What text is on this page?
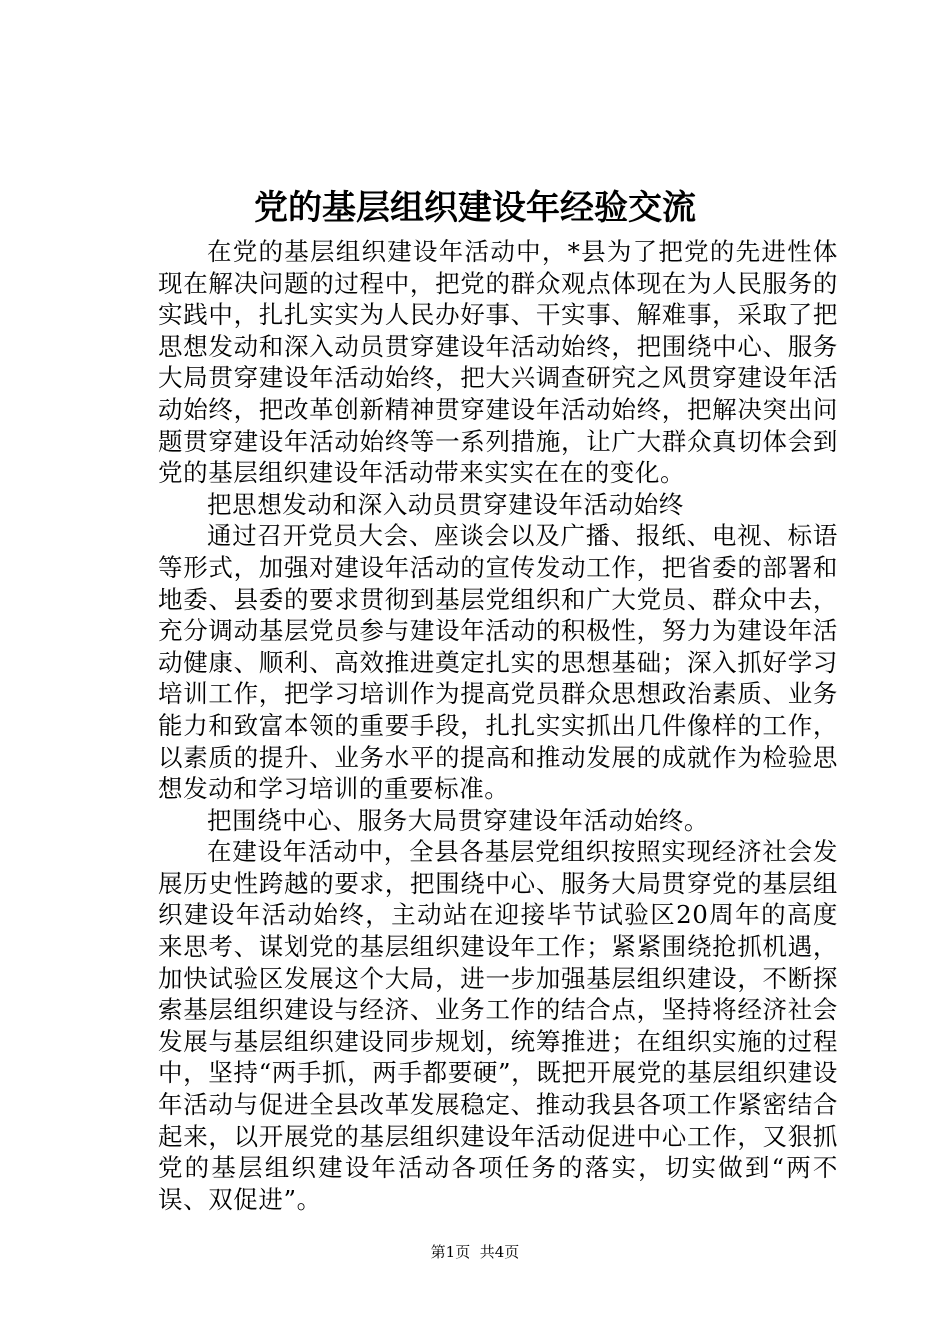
党的基层组织建设年经验交流

在党的基层组织建设年活动中，*县为了把党的先进性体现在解决问题的过程中，把党的群众观点体现在为人民服务的实践中，扎扎实实为人民办好事、干实事、解难事，采取了把思想发动和深入动员贯穿建设年活动始终，把围绕中心、服务大局贯穿建设年活动始终，把大兴调查研究之风贯穿建设年活动始终，把改革创新精神贯穿建设年活动始终，把解决突出问题贯穿建设年活动始终等一系列措施，让广大群众真切体会到党的基层组织建设年活动带来实实在在的变化。

把思想发动和深入动员贯穿建设年活动始终

通过召开党员大会、座谈会以及广播、报纸、电视、标语等形式，加强对建设年活动的宣传发动工作，把省委的部署和地委、县委的要求贯彻到基层党组织和广大党员、群众中去，充分调动基层党员参与建设年活动的积极性，努力为建设年活动健康、顺利、高效推进奠定扎实的思想基础；深入抓好学习培训工作，把学习培训作为提高党员群众思想政治素质、业务能力和致富本领的重要手段，扎扎实实抓出几件像样的工作，以素质的提升、业务水平的提高和推动发展的成就作为检验思想发动和学习培训的重要标准。

把围绕中心、服务大局贯穿建设年活动始终。

在建设年活动中，全县各基层党组织按照实现经济社会发展历史性跨越的要求，把围绕中心、服务大局贯穿党的基层组织建设年活动始终，主动站在迎接毕节试验区20周年的高度来思考、谋划党的基层组织建设年工作；紧紧围绕抢抓机遇，加快试验区发展这个大局，进一步加强基层组织建设，不断探索基层组织建设与经济、业务工作的结合点，坚持将经济社会发展与基层组织建设同步规划，统筹推进；在组织实施的过程中，坚持“两手抓，两手都要硬”，既把开展党的基层组织建设年活动与促进全县改革发展稳定、推动我县各项工作紧密结合起来，以开展党的基层组织建设年活动促进中心工作，又狠抓党的基层组织建设年活动各项任务的落实，切实做到“两不误、双促进”。

第1页 共4页
